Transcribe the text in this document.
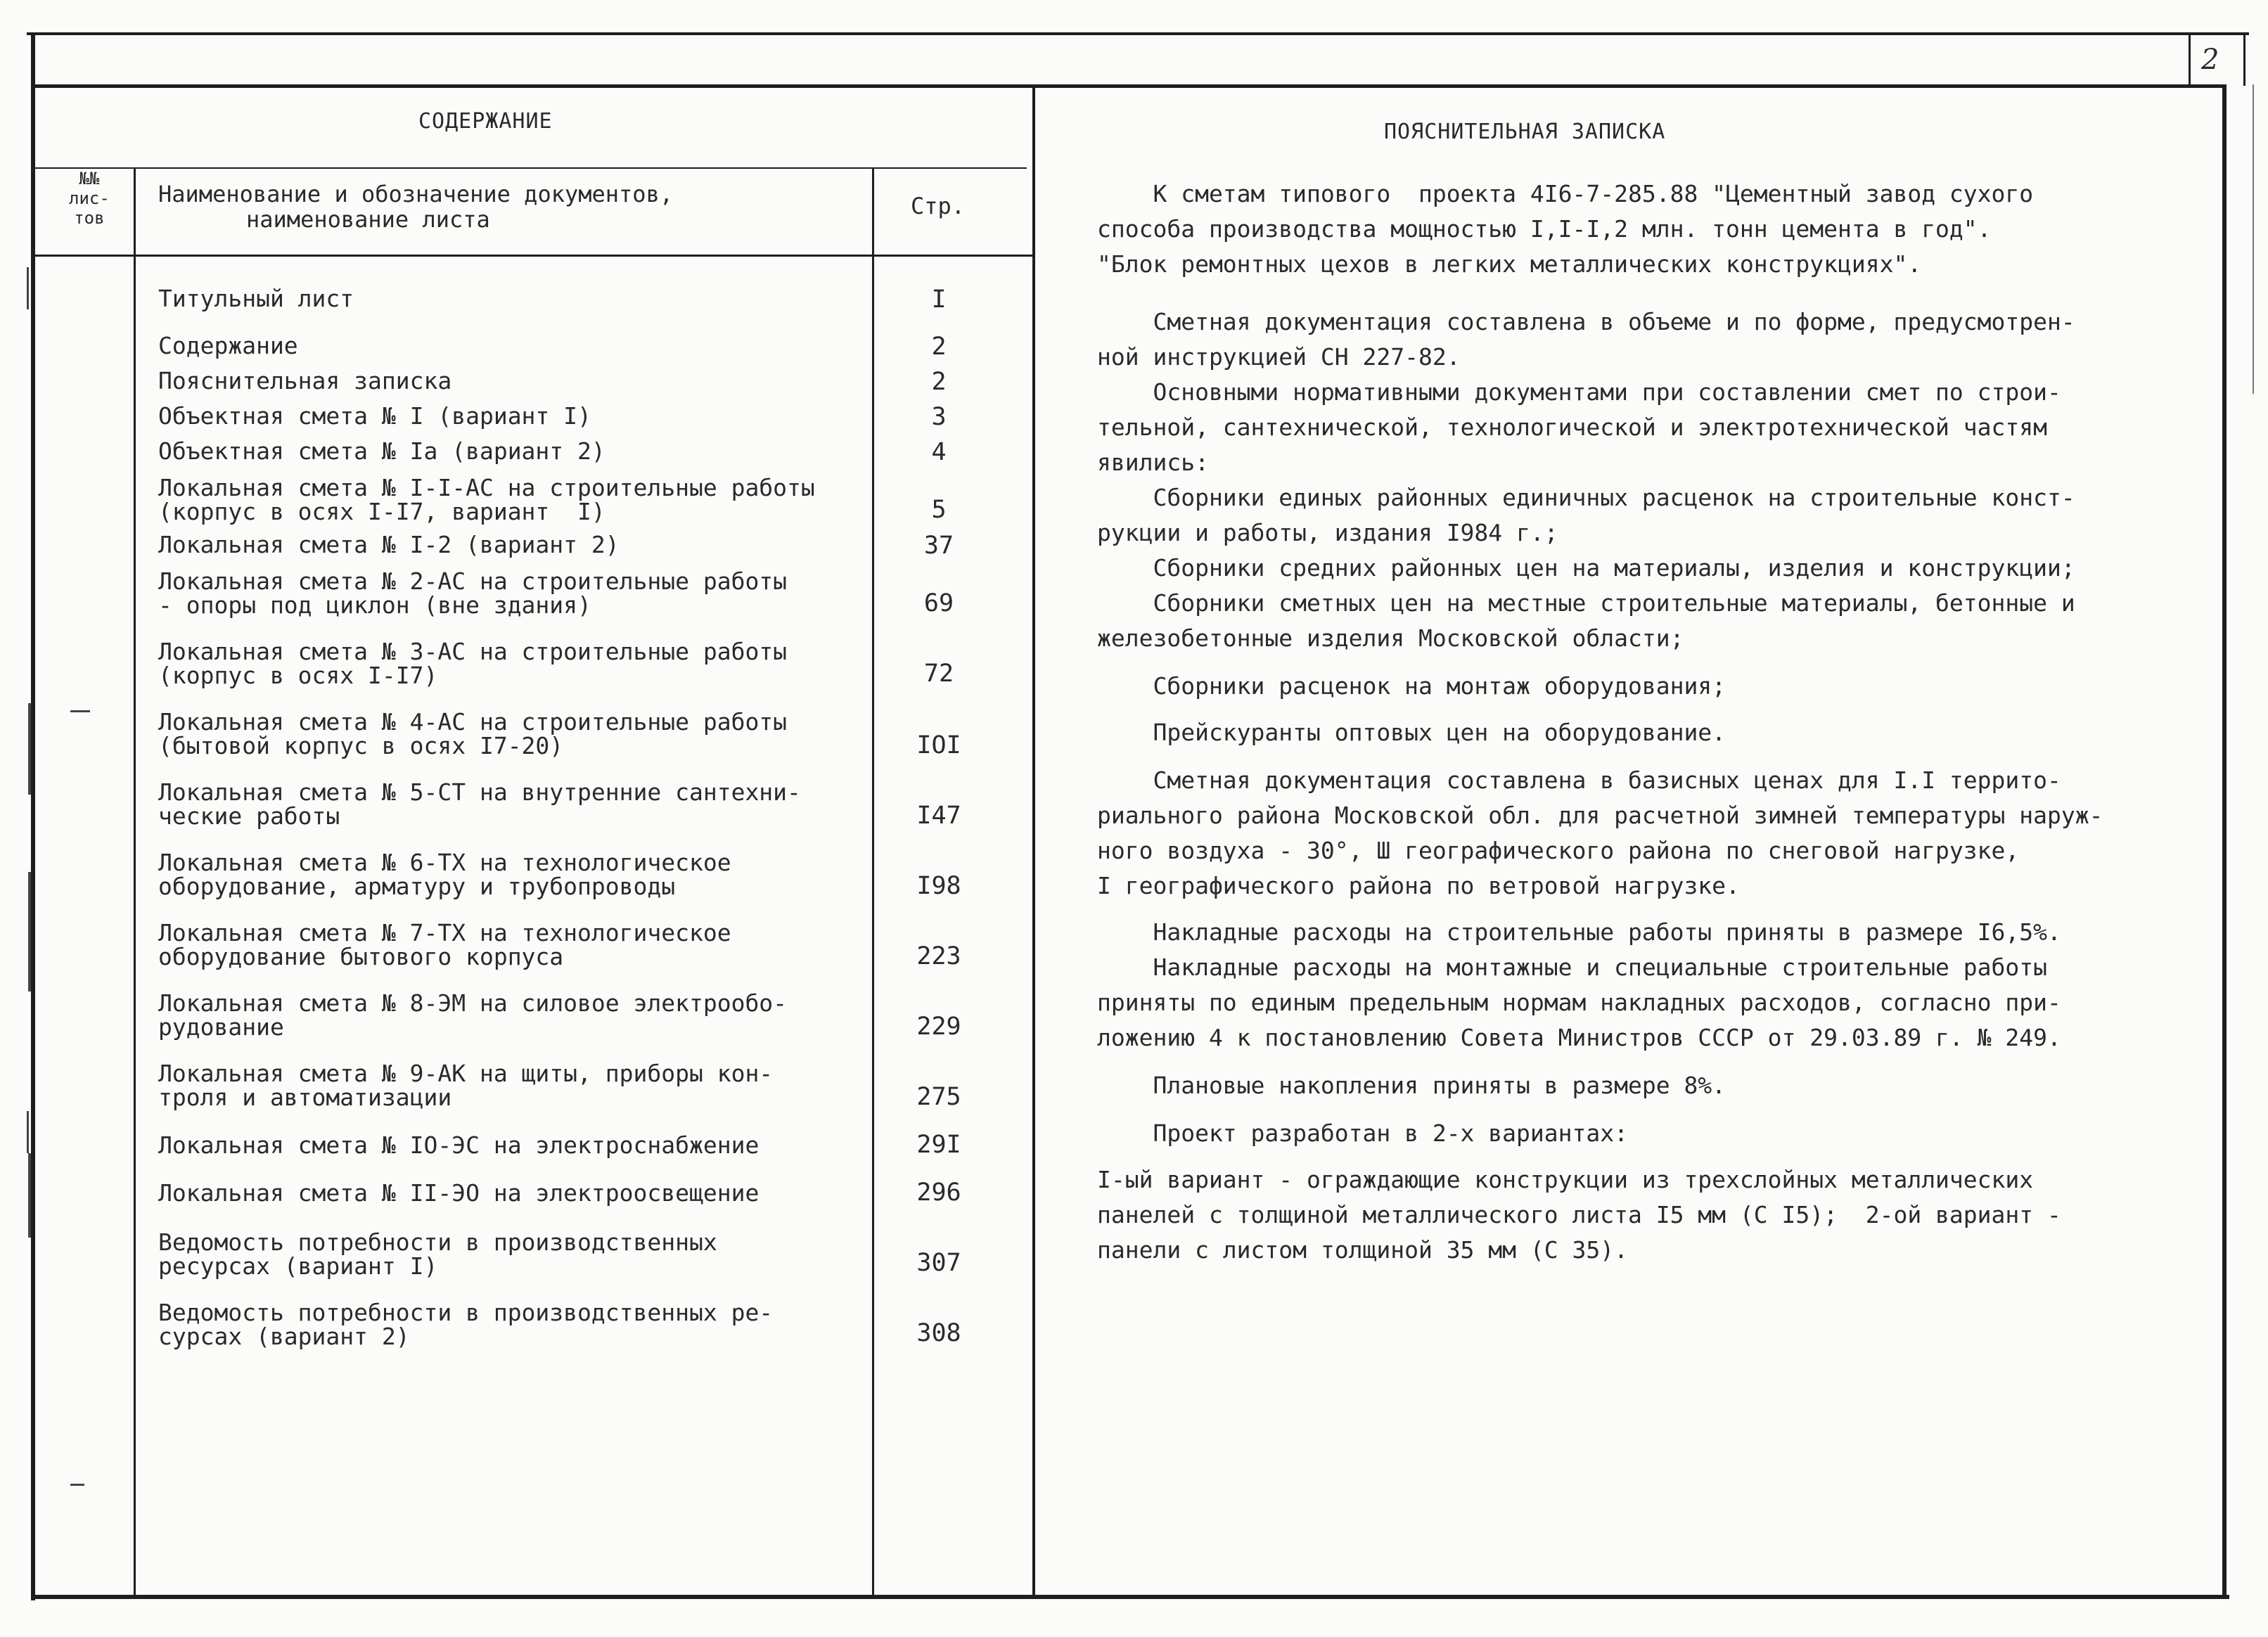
2
СОДЕРЖАНИЕ
№№
лис-
тов
Наименование и обозначение документов,
наименование листа	Стр.
Титульный лист	I
Содержание	2
Пояснительная записка	2
Объектная смета № I (вариант I)	3
Объектная смета № Iа (вариант 2)	4
Локальная смета № I-I-АС на строительные работы
(корпус в осях I-I7, вариант  I)	5
Локальная смета № I-2 (вариант 2)	37
Локальная смета № 2-АС на строительные работы
- опоры под циклон (вне здания)	69
Локальная смета № 3-АС на строительные работы
(корпус в осях I-I7)	72
Локальная смета № 4-АС на строительные работы
(бытовой корпус в осях I7-20)	IOI
Локальная смета № 5-СТ на внутренние сантехни-
ческие работы	I47
Локальная смета № 6-ТХ на технологическое
оборудование, арматуру и трубопроводы	I98
Локальная смета № 7-ТХ на технологическое
оборудование бытового корпуса	223
Локальная смета № 8-ЭМ на силовое электрообо-
рудование	229
Локальная смета № 9-АК на щиты, приборы кон-
троля и автоматизации	275
Локальная смета № IO-ЭС на электроснабжение	29I
Локальная смета № II-ЭО на электроосвещение	296
Ведомость потребности в производственных
ресурсах (вариант I)	307
Ведомость потребности в производственных ре-
сурсах (вариант 2)	308
ПОЯСНИТЕЛЬНАЯ ЗАПИСКА
К сметам типового  проекта 4I6-7-285.88 "Цементный завод сухого
способа производства мощностью I,I-I,2 млн. тонн цемента в год".
"Блок ремонтных цехов в легких металлических конструкциях".
Сметная документация составлена в объеме и по форме, предусмотрен-
ной инструкцией СН 227-82.
Основными нормативными документами при составлении смет по строи-
тельной, сантехнической, технологической и электротехнической частям
явились:
Сборники единых районных единичных расценок на строительные конст-
рукции и работы, издания I984 г.;
Сборники средних районных цен на материалы, изделия и конструкции;
Сборники сметных цен на местные строительные материалы, бетонные и
железобетонные изделия Московской области;
Сборники расценок на монтаж оборудования;
Прейскуранты оптовых цен на оборудование.
Сметная документация составлена в базисных ценах для I.I террито-
риального района Московской обл. для расчетной зимней температуры наруж-
ного воздуха - 30°, Ш географического района по снеговой нагрузке,
I географического района по ветровой нагрузке.
Накладные расходы на строительные работы приняты в размере I6,5%.
Накладные расходы на монтажные и специальные строительные работы
приняты по единым предельным нормам накладных расходов, согласно при-
ложению 4 к постановлению Совета Министров СССР от 29.03.89 г. № 249.
Плановые накопления приняты в размере 8%.
Проект разработан в 2-х вариантах:
I-ый вариант - ограждающие конструкции из трехслойных металлических
панелей с толщиной металлического листа I5 мм (С I5);  2-ой вариант -
панели с листом толщиной 35 мм (С 35).
